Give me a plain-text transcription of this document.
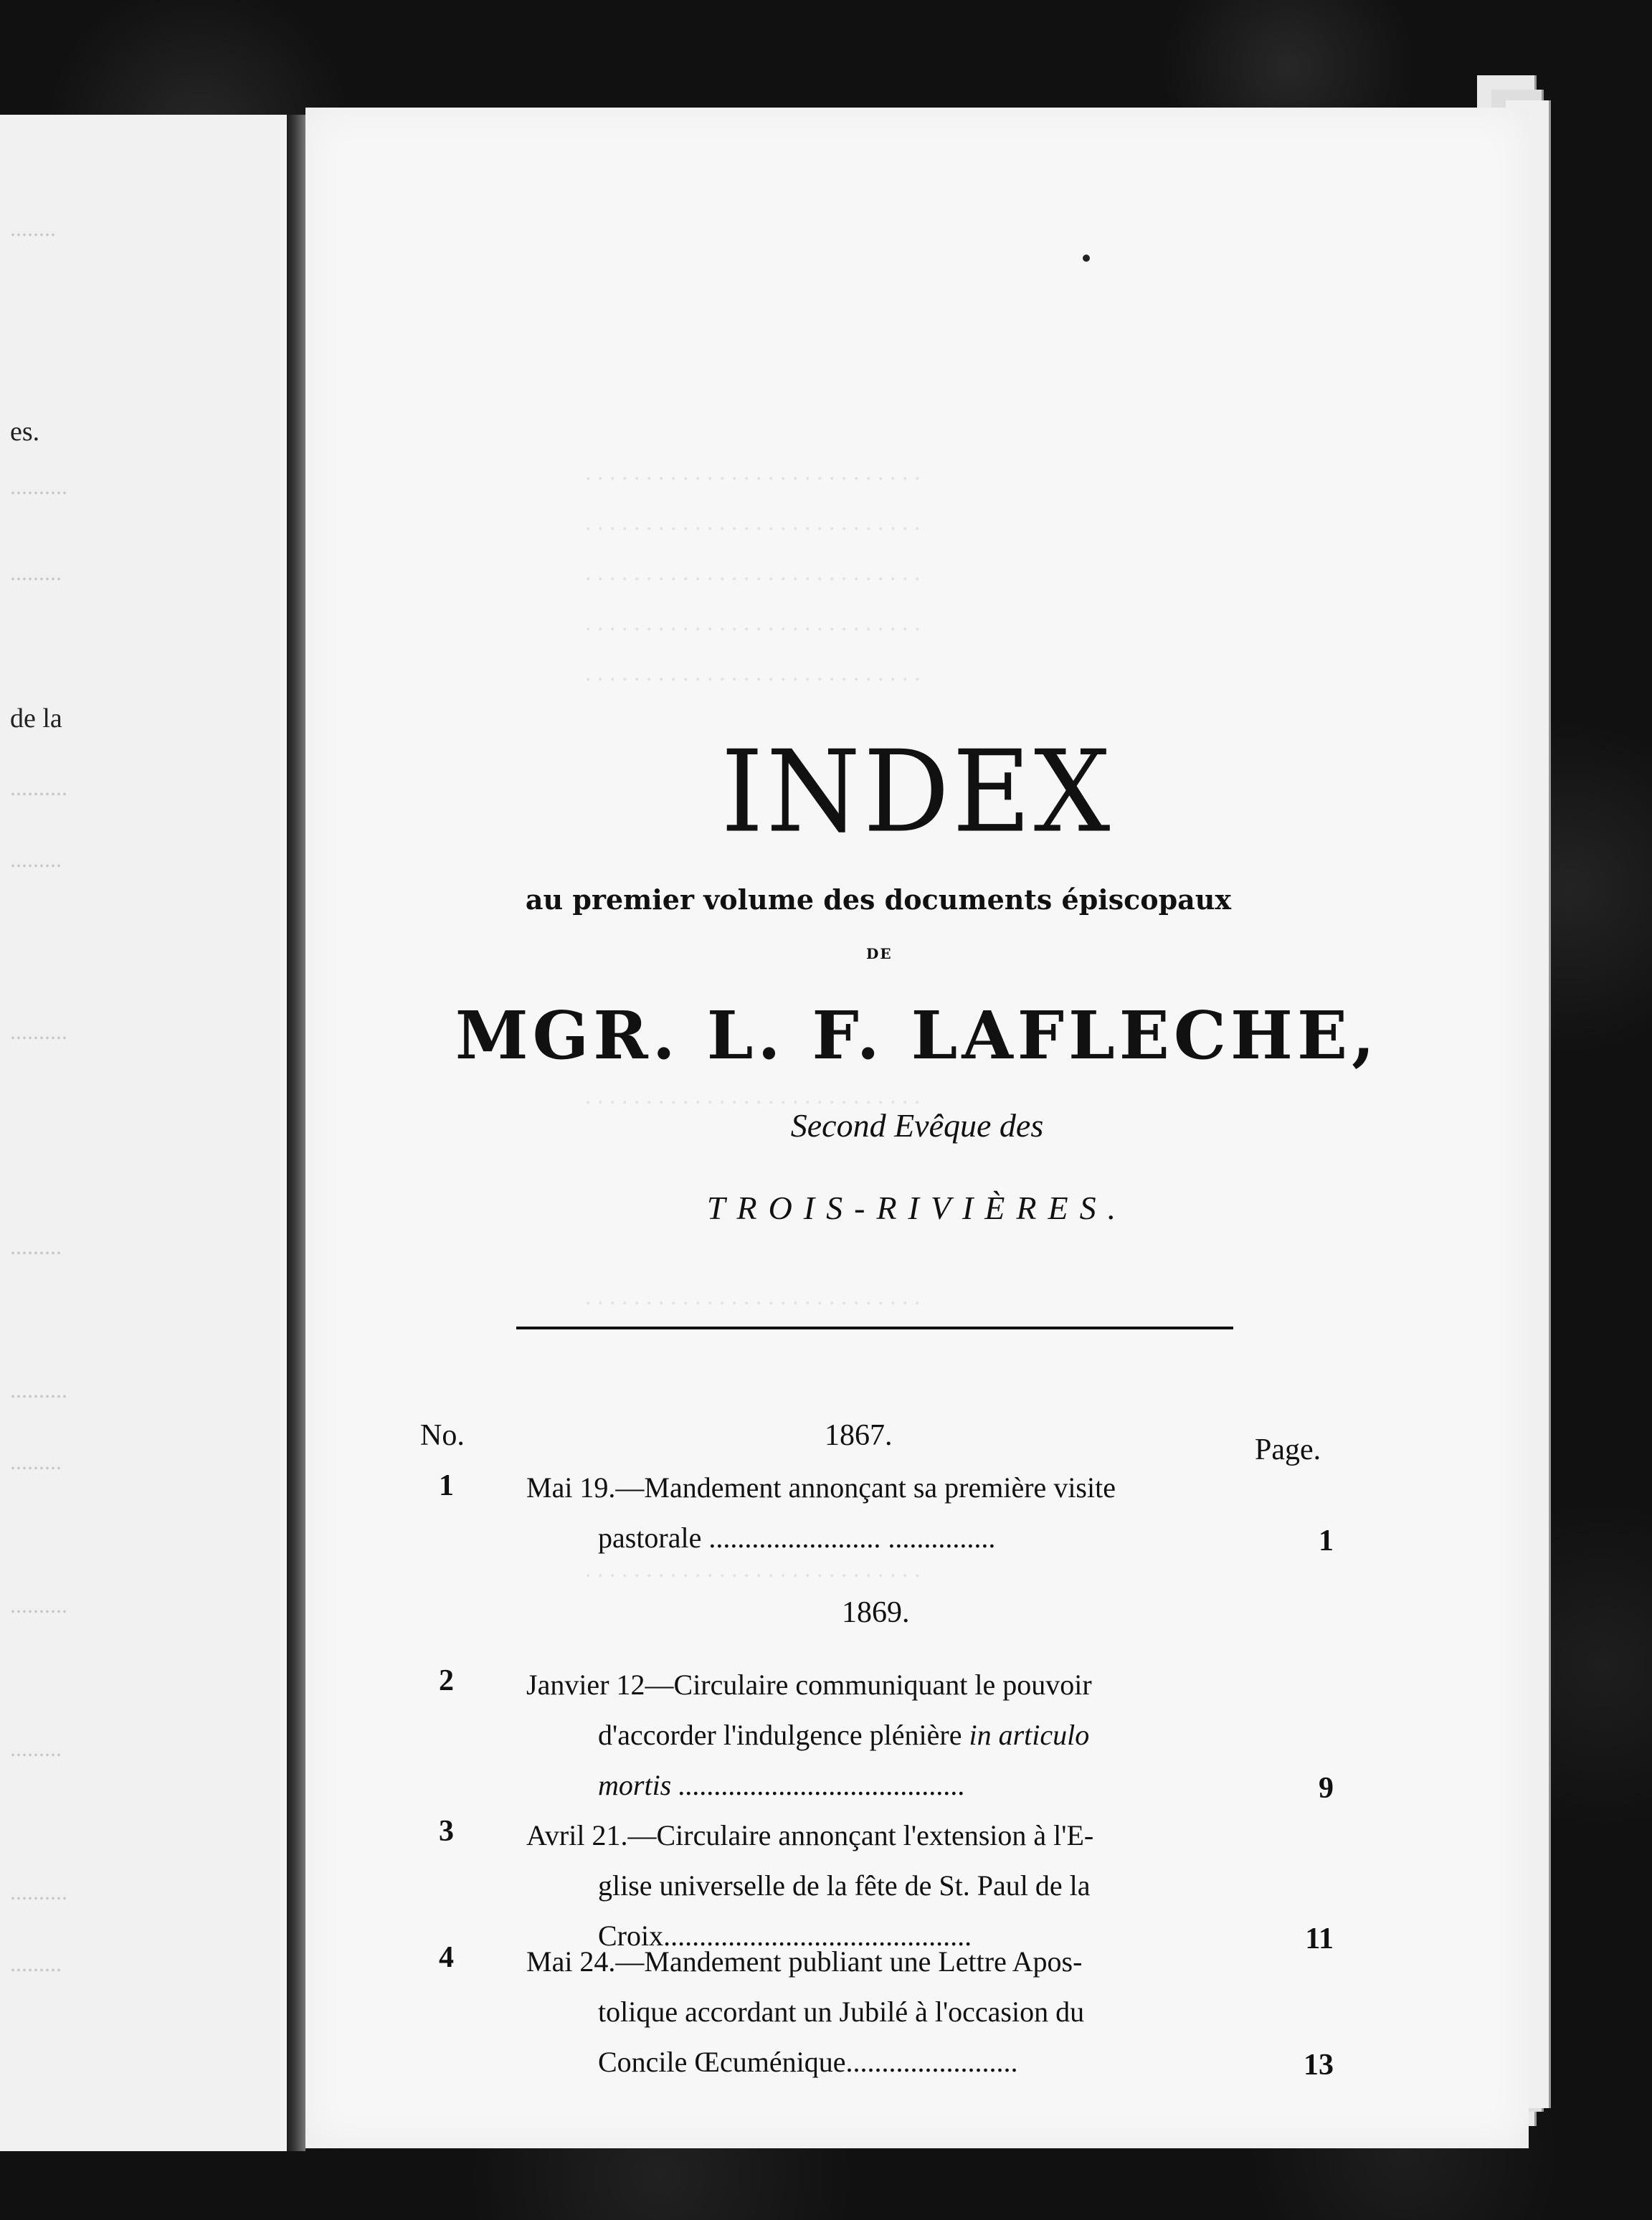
........
es.
..........
.........
de la
..........
.........
..........
.........
..........
.........
..........
.........
..........
.........
. . . . . . . . . . . . . . . . . . . . . . . . . . . .
. . . . . . . . . . . . . . . . . . . . . . . . . . . .
. . . . . . . . . . . . . . . . . . . . . . . . . . . .
. . . . . . . . . . . . . . . . . . . . . . . . . . . .
. . . . . . . . . . . . . . . . . . . . . . . . . . . .
. . . . . . . . . . . . . . . . . . . . . . . . . . . .
. . . . . . . . . . . . . . . . . . . . . . . . . . . .
. . . . . . . . . . . . . . . . . . . . . . . . . . . .
INDEX
au premier volume des documents épiscopaux
DE
MGR. L. F. LAFLECHE,
Second Evêque des
TROIS-RIVIÈRES.
No.	1867.	Page.
1	Mai 19.—Mandement annonçant sa première visite
pastorale ........................ ...............	1
1869.
2	Janvier 12—Circulaire communiquant le pouvoir
d'accorder l'indulgence plénière in articulo
mortis ........................................	9
3	Avril 21.—Circulaire annonçant l'extension à l'E-
glise universelle de la fête de St. Paul de la
Croix...........................................	11
4	Mai 24.—Mandement publiant une Lettre Apos-
tolique accordant un Jubilé à l'occasion du
Concile Œcuménique........................	13
